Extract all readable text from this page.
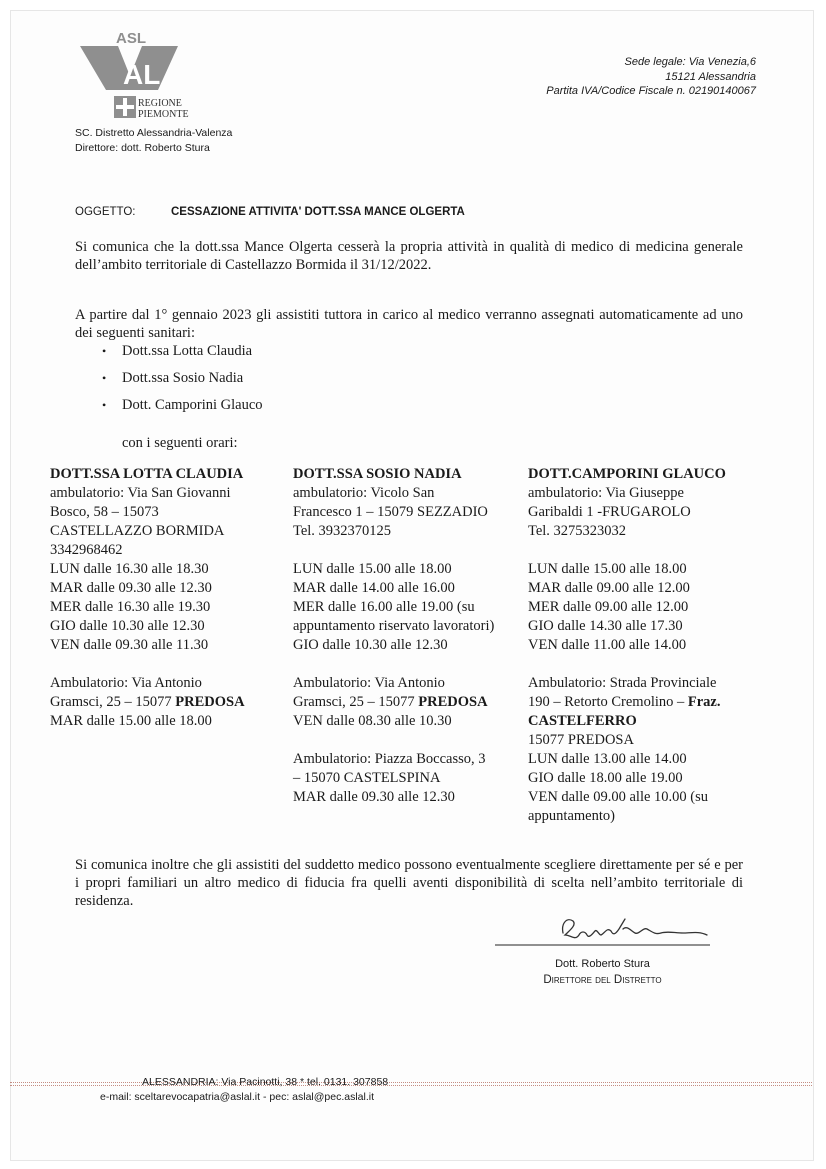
ASL
AL
REGIONE
PIEMONTE
SC. Distretto Alessandria-Valenza
Direttore: dott. Roberto Stura
Sede legale: Via Venezia,6
15121 Alessandria
Partita IVA/Codice Fiscale n. 02190140067
OGGETTO:	CESSAZIONE ATTIVITA' DOTT.SSA MANCE OLGERTA
Si comunica che la dott.ssa Mance Olgerta cesserà la propria attività in qualità di medico di medicina generale dell’ambito territoriale di Castellazzo Bormida il 31/12/2022.
A partire dal 1° gennaio 2023 gli assistiti tuttora in carico al medico verranno assegnati automaticamente ad uno dei seguenti sanitari:
• Dott.ssa Lotta Claudia
• Dott.ssa Sosio Nadia
• Dott. Camporini Glauco
con i seguenti orari:
DOTT.SSA LOTTA CLAUDIA
ambulatorio: Via San Giovanni
Bosco, 58 – 15073
CASTELLAZZO BORMIDA
3342968462
LUN dalle 16.30 alle 18.30
MAR dalle 09.30 alle 12.30
MER dalle 16.30 alle 19.30
GIO dalle 10.30 alle 12.30
VEN dalle 09.30 alle 11.30
Ambulatorio: Via Antonio
Gramsci, 25 – 15077 PREDOSA
MAR dalle 15.00 alle 18.00
DOTT.SSA SOSIO NADIA
ambulatorio: Vicolo San
Francesco 1 – 15079 SEZZADIO
Tel. 3932370125
LUN dalle 15.00 alle 18.00
MAR dalle 14.00 alle 16.00
MER dalle 16.00 alle 19.00 (su
appuntamento riservato lavoratori)
GIO dalle 10.30 alle 12.30
Ambulatorio: Via Antonio
Gramsci, 25 – 15077 PREDOSA
VEN dalle 08.30 alle 10.30
Ambulatorio: Piazza Boccasso, 3
– 15070 CASTELSPINA
MAR dalle 09.30 alle 12.30
DOTT.CAMPORINI GLAUCO
ambulatorio: Via Giuseppe
Garibaldi 1 -FRUGAROLO
Tel. 3275323032
LUN dalle 15.00 alle 18.00
MAR dalle 09.00 alle 12.00
MER dalle 09.00 alle 12.00
GIO dalle 14.30 alle 17.30
VEN dalle 11.00 alle 14.00
Ambulatorio: Strada Provinciale
190 – Retorto Cremolino – Fraz.
CASTELFERRO
15077 PREDOSA
LUN dalle 13.00 alle 14.00
GIO dalle 18.00 alle 19.00
VEN dalle 09.00 alle 10.00 (su
appuntamento)
Si comunica inoltre che gli assistiti del suddetto medico possono eventualmente scegliere direttamente per sé e per i propri familiari un altro medico di fiducia fra quelli aventi disponibilità di scelta nell’ambito territoriale di residenza.
Dott. Roberto Stura
Direttore del Distretto
ALESSANDRIA: Via Pacinotti, 38 * tel. 0131. 307858
e-mail: sceltarevocapatria@aslal.it - pec: aslal@pec.aslal.it
